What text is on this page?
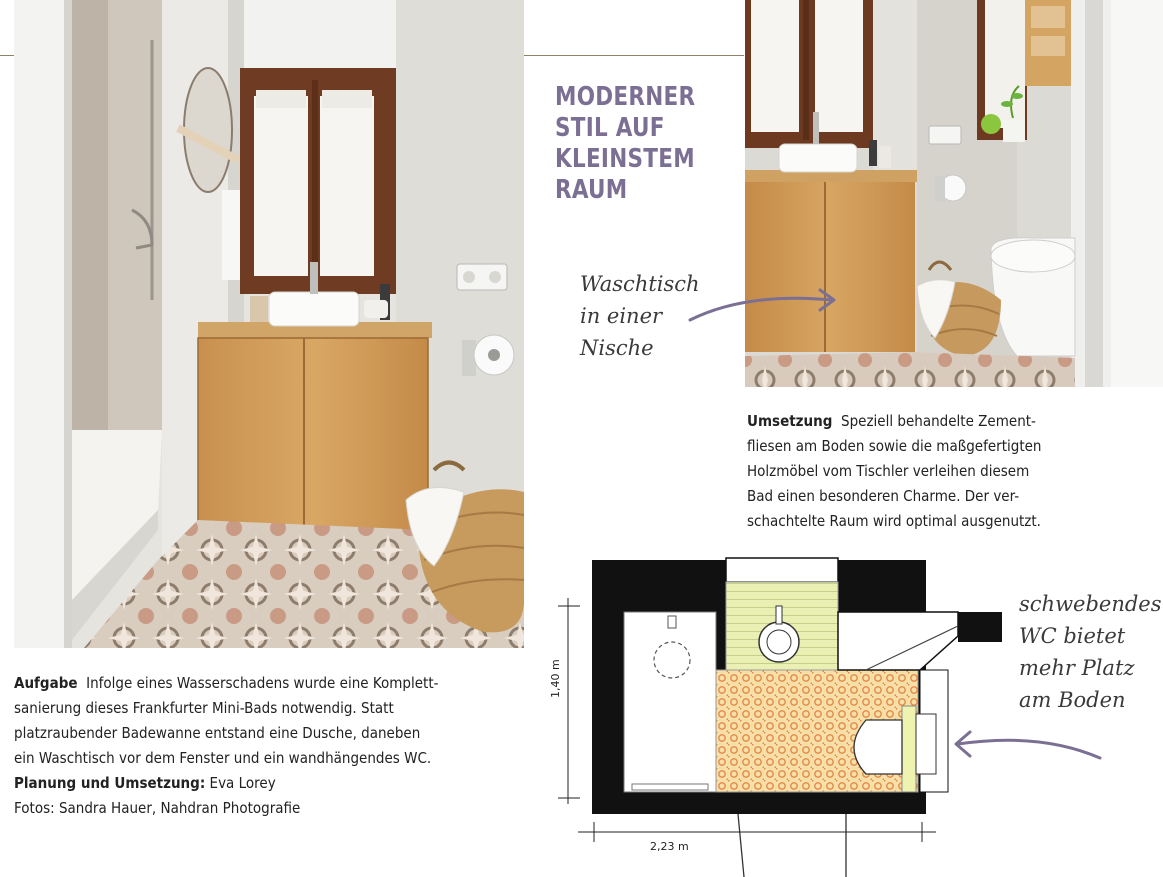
MODERNER
STIL AUF
KLEINSTEM
RAUM
Waschtisch
in einer
Nische
Umsetzung Speziell behandelte Zement-
fliesen am Boden sowie die maßgefertigten
Holzmöbel vom Tischler verleihen diesem
Bad einen besonderen Charme. Der ver-
schachtelte Raum wird optimal ausgenutzt.
Aufgabe Infolge eines Wasserschadens wurde eine Komplett-
sanierung dieses Frankfurter Mini-Bads notwendig. Statt
platzraubender Badewanne entstand eine Dusche, daneben
ein Waschtisch vor dem Fenster und ein wandhängendes WC.
Planung und Umsetzung: Eva Lorey
Fotos: Sandra Hauer, Nahdran Photografie
1,40 m
2,23 m
schwebendes
WC bietet
mehr Platz
am Boden
